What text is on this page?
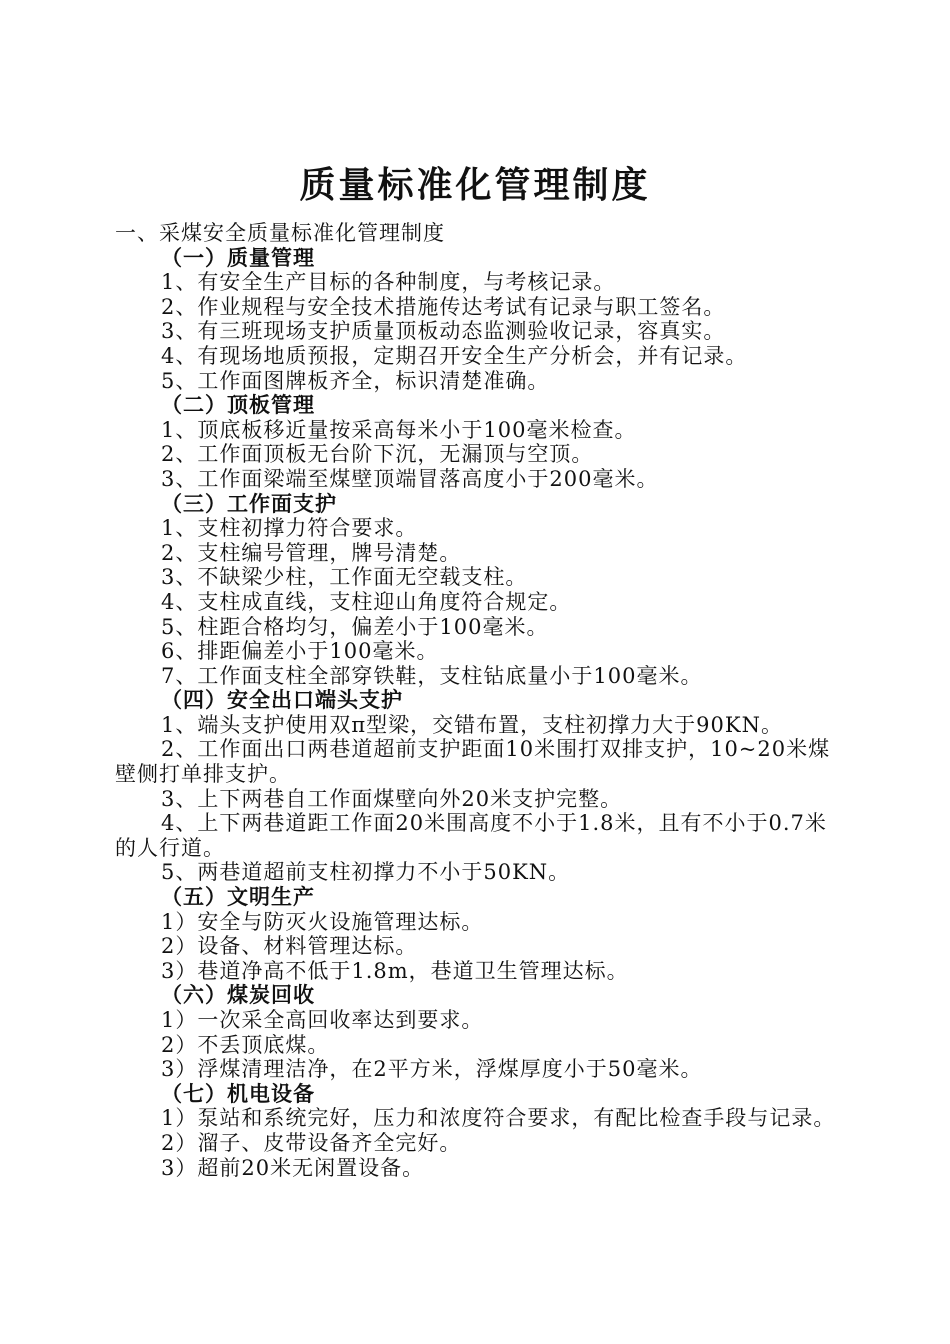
质量标准化管理制度
一、采煤安全质量标准化管理制度
（一）质量管理
1、有安全生产目标的各种制度，与考核记录。
2、作业规程与安全技术措施传达考试有记录与职工签名。
3、有三班现场支护质量顶板动态监测验收记录，容真实。
4、有现场地质预报，定期召开安全生产分析会，并有记录。
5、工作面图牌板齐全，标识清楚准确。
（二）顶板管理
1、顶底板移近量按采高每米小于100毫米检查。
2、工作面顶板无台阶下沉，无漏顶与空顶。
3、工作面梁端至煤壁顶端冒落高度小于200毫米。
（三）工作面支护
1、支柱初撑力符合要求。
2、支柱编号管理，牌号清楚。
3、不缺梁少柱，工作面无空载支柱。
4、支柱成直线，支柱迎山角度符合规定。
5、柱距合格均匀，偏差小于100毫米。
6、排距偏差小于100毫米。
7、工作面支柱全部穿铁鞋，支柱钻底量小于100毫米。
（四）安全出口端头支护
1、端头支护使用双π型梁，交错布置，支柱初撑力大于90KN。
2、工作面出口两巷道超前支护距面10米围打双排支护，10~20米煤壁侧打单排支护。
3、上下两巷自工作面煤壁向外20米支护完整。
4、上下两巷道距工作面20米围高度不小于1.8米，且有不小于0.7米的人行道。
5、两巷道超前支柱初撑力不小于50KN。
（五）文明生产
1）安全与防灭火设施管理达标。
2）设备、材料管理达标。
3）巷道净高不低于1.8m，巷道卫生管理达标。
（六）煤炭回收
1）一次采全高回收率达到要求。
2）不丢顶底煤。
3）浮煤清理洁净，在2平方米，浮煤厚度小于50毫米。
（七）机电设备
1）泵站和系统完好，压力和浓度符合要求，有配比检查手段与记录。
2）溜子、皮带设备齐全完好。
3）超前20米无闲置设备。
